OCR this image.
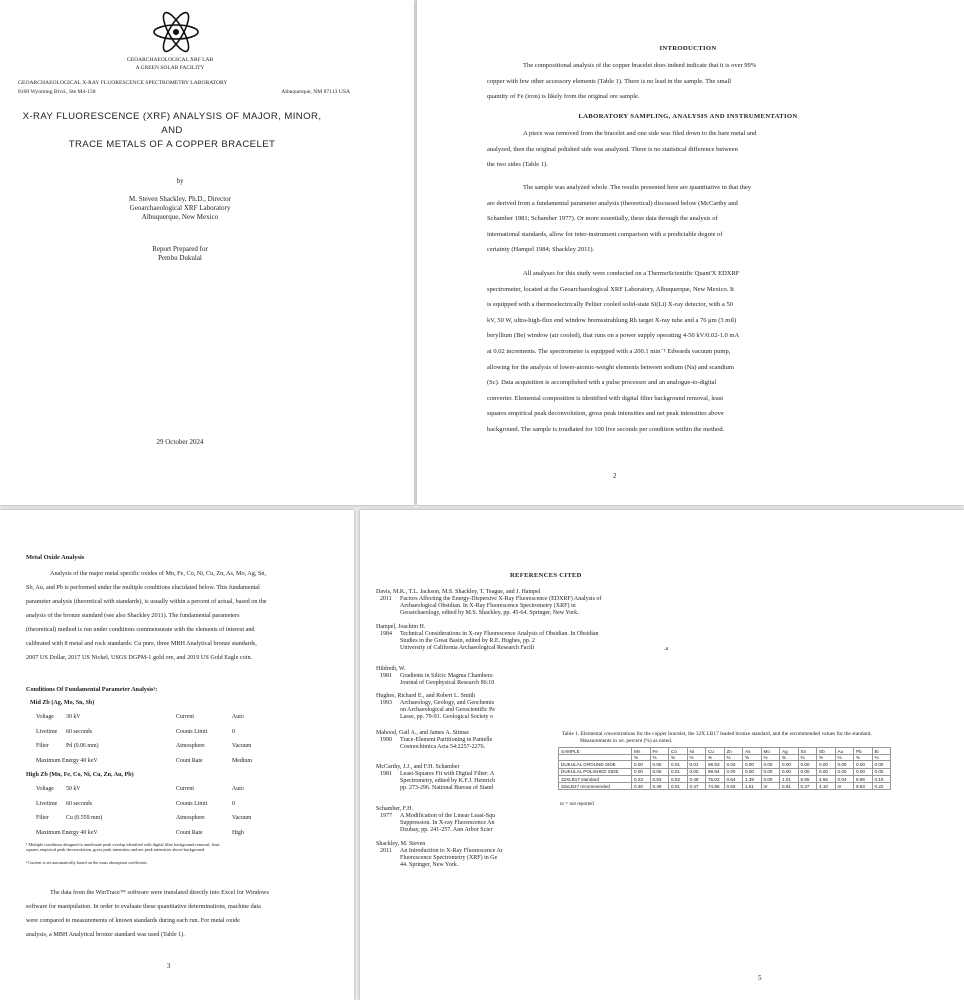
GEOARCHAEOLOGICAL XRF LAB
A GREEN SOLAR FACILITY
GEOARCHAEOLOGICAL X-RAY FLUORESCENCE SPECTROMETRY LABORATORY
8100 Wyoming Blvd., Ste M4-158	Albuquerque, NM 87113 USA
X-RAY FLUORESCENCE (XRF) ANALYSIS OF MAJOR, MINOR, AND
TRACE METALS OF A COPPER BRACELET
by
M. Steven Shackley, Ph.D., Director
Geoarchaeological XRF Laboratory
Albuquerque, New Mexico
Report Prepared for
Pembu Dukulal
29 October 2024
INTRODUCTION
The compositional analysis of the copper bracelet does indeed indicate that it is over 99%
copper with few other accessory elements (Table 1). There is no lead in the sample. The small
quantity of Fe (iron) is likely from the original ore sample.
LABORATORY SAMPLING, ANALYSIS AND INSTRUMENTATION
A piece was removed from the bracelet and one side was filed down to the bare metal and
analyzed, then the original polished side was analyzed. There is no statistical difference between
the two sides (Table 1).
The sample was analyzed whole. The results presented here are quantitative in that they
are derived from a fundamental parameter analysis (theoretical) discussed below (McCarthy and
Schamber 1981; Schamber 1977). Or more essentially, these data through the analysis of
international standards, allow for inter-instrument comparison with a predictable degree of
certainty (Hampel 1984; Shackley 2011).
All analyses for this study were conducted on a ThermoScientific Quant'X EDXRF
spectrometer, located at the Geoarchaeological XRF Laboratory, Albuquerque, New Mexico. It
is equipped with a thermoelectrically Peltier cooled solid-state Si(Li) X-ray detector, with a 50
kV, 50 W, ultra-high-flux end window bremsstrahlung Rh target X-ray tube and a 76 μm (3 mil)
beryllium (Be) window (air cooled), that runs on a power supply operating 4-50 kV/0.02-1.0 mA
at 0.02 increments. The spectrometer is equipped with a 200.1 min⁻¹ Edwards vacuum pump,
allowing for the analysis of lower-atomic-weight elements between sodium (Na) and scandium
(Sc). Data acquisition is accomplished with a pulse processor and an analogue-to-digital
converter. Elemental composition is identified with digital filter background removal, least
squares empirical peak deconvolution, gross peak intensities and net peak intensities above
background. The sample is irradiated for 100 live seconds per condition within the method.
2
Metal Oxide Analysis
Analysis of the major metal specific oxides of Mn, Fe, Co, Ni, Cu, Zn, As, Mo, Ag, Sn,
Sb, Au, and Pb is performed under the multiple conditions elucidated below. This fundamental
parameter analysis (theoretical with standards), is usually within a percent of actual, based on the
analysis of the bronze standard (see also Shackley 2011). The fundamental parameters
(theoretical) method is run under conditions commensurate with the elements of interest and
calibrated with 8 metal and rock standards: Cu pure, three MBH Analytical bronze standards,
2007 US Dollar, 2017 US Nickel, USGS DGPM-1 gold ore, and 2019 US Gold Eagle coin.
Conditions Of Fundamental Parameter Analysis¹:
Mid Zb (Ag, Mo, Sn, Sb)
Voltage 30 kV	Current	Auto
Livetime 60 seconds	Counts Limit	0
Filter	Pd (0.06 mm)	Atmosphere	Vacuum
Maximum Energy 40 keV	Count Rate	Medium
High Zb (Mn, Fe, Co, Ni, Cu, Zn, Au, Pb)
Voltage 50 kV	Current	Auto
Livetime 60 seconds	Counts Limit	0
Filter	Cu (0.559 mm)	Atmosphere	Vacuum
Maximum Energy 40 keV	Count Rate	High
¹ Multiple conditions designed to ameliorate peak overlap identified with digital filter background removal, least
squares empirical peak deconvolution, gross peak intensities and net peak intensities above background.
² Current is set automatically based on the mass absorption coefficient.
The data from the WinTrace™ software were translated directly into Excel for Windows
software for manipulation. In order to evaluate these quantitative determinations, machine data
were compared to measurements of known standards during each run. For metal oxide
analysis, a MBH Analytical bronze standard was used (Table 1).
3
REFERENCES CITED
Davis, M.K., T.L. Jackson, M.S. Shackley, T. Teague, and J. Hampel
2011 Factors Affecting the Energy-Dispersive X-Ray Fluorescence (EDXRF) Analysis of
Archaeological Obsidian. In X-Ray Fluorescence Spectrometry (XRF) in
Geoarchaeology, edited by M.S. Shackley, pp. 45-64. Springer, New York.
Hampel, Joachim H.
1984 Technical Considerations in X-ray Fluorescence Analysis of Obsidian. In Obsidian
Studies in the Great Basin, edited by R.E. Hughes, pp. 2
University of California Archaeological Research Facili
Hildreth, W.
1981 Gradients in Silicic Magma Chambers:
Journal of Geophysical Research 86:10
Hughes, Richard E., and Robert L. Smith
1993 Archaeology, Geology, and Geochemis
on Archaeological and Geoscientific Pe
Lasse, pp. 79-91. Geological Society o
Mahood, Gail A., and James A. Stimac
1990 Trace-Element Partitioning in Pantelle
Cosmochimica Acta 54:2257-2276.
McCarthy, J.J., and F.H. Schamber
1981 Least-Squares Fit with Digital Filter: A
Spectrometry, edited by K.F.J. Heinrich
pp. 273-296. National Bureau of Stand
Schamber, F.H.
1977 A Modification of the Linear Least-Squ
Suppression. In X-ray Fluorescence An
Dzubay, pp. 241-257. Ann Arbor Scier
Shackley, M. Steven
2011 An Introduction to X-Ray Fluorescence Ar
Fluorescence Spectrometry (XRF) in Ge
44. Springer, New York.
.a
Table 1. Elemental concentrations for the copper bracelet, the 32X LB17 leaded bronze standard, and the recommended values for the standard.
Measurements in wt. percent (%) as noted.
SAMPLE	Mn	Fe	Co	Ni	Cu	Zn	As	Mo	Ag	Sn	Sb	Au	Pb	Bi
	%	%	%	%	%	%	%	%	%	%	%	%	%	%
DUKULAL GROUND SIDE	0.00	0.05	0.01	0.01	99.93	0.00	0.00	0.00	0.00	0.00	0.00	0.00	0.00	0.00
DUKULAL POLISHED SIDE	0.00	0.05	0.01	0.00	99.94	0.00	0.00	0.00	0.00	0.00	0.00	0.00	0.00	0.00
32XLB17 standard	0.23	0.53	0.02	0.48	75.02	0.64	1.39	0.00	1.01	6.95	4.66	0.04	8.86	0.19
32xLB17 recommended	0.30	0.49	0.01	0.47	74.86	0.63	1.51	nr	0.91	5.37	4.10	nr	9.83	0.22
nr = not reported
5
